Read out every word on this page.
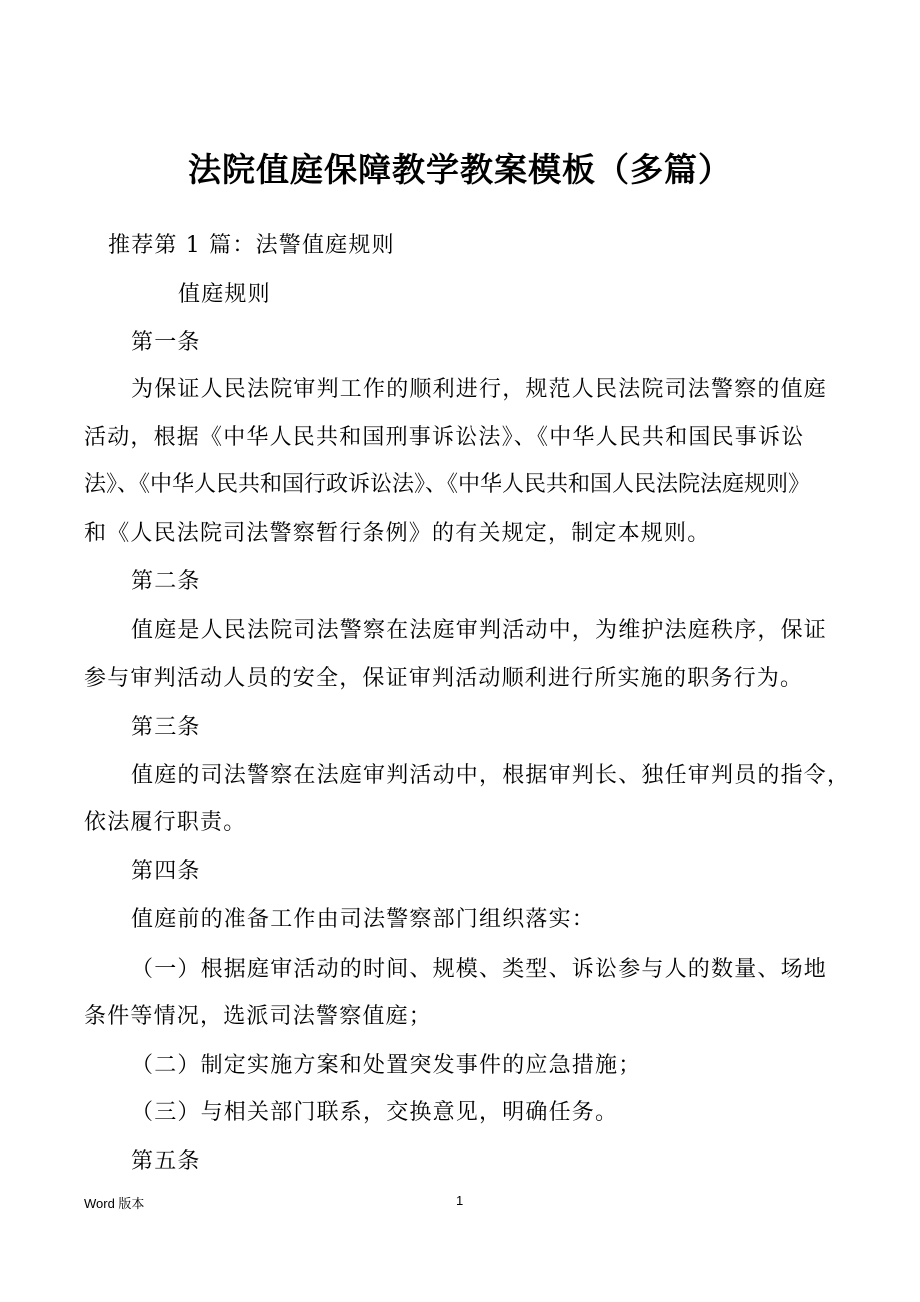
法院值庭保障教学教案模板（多篇）
推荐第 1 篇：法警值庭规则
值庭规则
第一条
为保证人民法院审判工作的顺利进行，规范人民法院司法警察的值庭
活动，根据《中华人民共和国刑事诉讼法》、《中华人民共和国民事诉讼
法》、《中华人民共和国行政诉讼法》、《中华人民共和国人民法院法庭规则》
和《人民法院司法警察暂行条例》的有关规定，制定本规则。
第二条
值庭是人民法院司法警察在法庭审判活动中，为维护法庭秩序，保证
参与审判活动人员的安全，保证审判活动顺利进行所实施的职务行为。
第三条
值庭的司法警察在法庭审判活动中，根据审判长、独任审判员的指令，
依法履行职责。
第四条
值庭前的准备工作由司法警察部门组织落实：
（一）根据庭审活动的时间、规模、类型、诉讼参与人的数量、场地
条件等情况，选派司法警察值庭；
（二）制定实施方案和处置突发事件的应急措施；
（三）与相关部门联系，交换意见，明确任务。
第五条
Word 版本	1
